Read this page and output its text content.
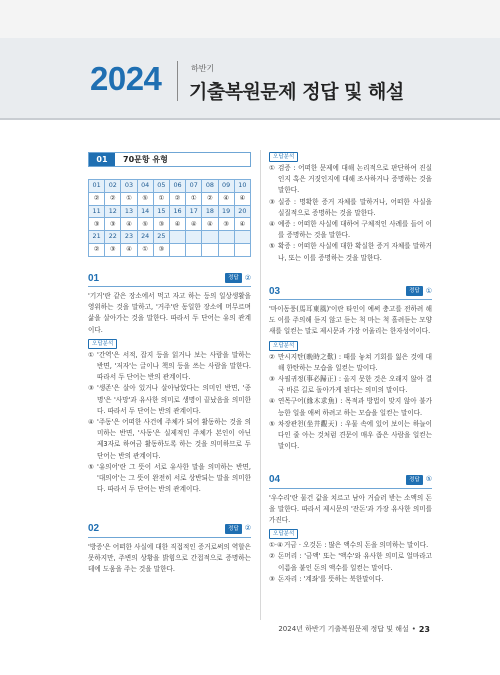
2024	하반기
기출복원문제 정답 및 해설
01	70문항 유형
01	02	03	04	05	06	07	08	09	10
②	②	①	⑤	①	②	①	②	④	④
11	12	13	14	15	16	17	18	19	20
③	③	④	⑤	③	④	④	④	③	④
21	22	23	24	25					
②	③	④	①	③					
01	정답 ②
'기거'란 같은 장소에서 먹고 자고 하는 등의 일상생활을 영위하는 것을 말하고, '거주'란 동일한 장소에 머무르며 삶을 살아가는 것을 말한다. 따라서 두 단어는 유의 관계이다.
오답분석
① '간역'은 서적, 잡지 등을 읽거나 보는 사람을 말하는 반면, '저자'는 글이나 책의 등을 쓰는 사람을 말한다. 따라서 두 단어는 반의 관계이다.
③ '생존'은 살아 있거나 살아남았다는 의미인 반면, '종명'은 '사망'과 유사한 의미로 생명이 끝났음을 의미한다. 따라서 두 단어는 반의 관계이다.
④ '주동'은 어떠한 사건에 주체가 되어 활동하는 것을 의미하는 반면, '사동'은 실제적인 주체가 본인이 아닌 제3자로 하여금 활동하도록 하는 것을 의미하므로 두 단어는 반의 관계이다.
⑤ '유의어'란 그 뜻이 서로 유사한 말을 의미하는 반면, '대의어'는 그 뜻이 완전히 서로 상반되는 말을 의미한다. 따라서 두 단어는 반의 관계이다.
02	정답 ②
'방증'은 어떠한 사실에 대한 직접적인 증거로써의 역할은 못하지만, 주변의 상황을 밝힘으로 간접적으로 증명하는 데에 도움을 주는 것을 말한다.
오답분석
① 검증 : 어떠한 문제에 대해 논리적으로 판단하여 진실인지 혹은 거짓인지에 대해 조사하거나 증명하는 것을 말한다.
③ 실증 : 명확한 증거 자체를 말하거나, 어떠한 사실을 실질적으로 증명하는 것을 말한다.
④ 예증 : 어떠한 사실에 대하여 구체적인 사례를 들어 이를 증명하는 것을 말한다.
⑤ 확증 : 어떠한 사실에 대한 확실한 증거 자체를 말하거나, 또는 이를 증명하는 것을 말한다.
03	정답 ①
'마이동풍(馬耳東風)'이란 타인이 예써 충고를 전하려 해도 이를 주의해 듣지 않고 듣는 척 마는 척 흘려듣는 모양새를 일컫는 말로 제시문과 가장 어울리는 한자성어이다.
오답분석
② 만시지탄(晩時之歎) : 때를 놓쳐 기회를 잃은 것에 대해 한탄하는 모습을 일컫는 말이다.
③ 사필귀정(事必歸正) : 올지 못한 것은 오래지 않아 결국 바른 길로 돌아가게 된다는 의미의 말이다.
④ 연목구어(緣木求魚) : 목적과 방법이 맞지 않아 불가능한 일을 애써 하려고 하는 모습을 일컫는 말이다.
⑤ 차장관천(坐井觀天) : 우물 속에 있어 보이는 하늘이 다인 줄 아는 것처럼 견문이 매우 좁은 사람을 일컫는 말이다.
04	정답 ⑤
'우수리'란 물건 값을 치르고 남아 거슬러 받는 소액의 돈을 말한다. 따라서 제시문의 '잔돈'과 가장 유사한 의미를 가진다.
오답분석
①·④ 거금 · 오것돈 : 많은 액수의 돈을 의미하는 말이다.
② 돈머리 : '금액' 또는 '액수'와 유사한 의미로 얼마라고 이름을 붙인 돈의 액수를 일컫는 말이다.
③ 돈자리 : '계좌'를 뜻하는 북한말이다.
2024년 하반기 기출복원문제 정답 및 해설 • 23
